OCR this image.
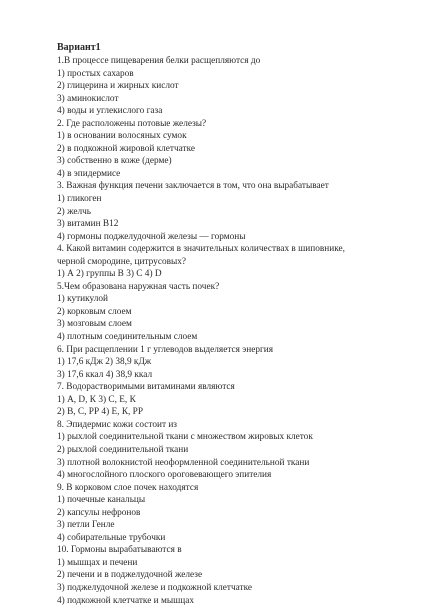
Вариант1
1.В процессе пищеварения белки расщепляются до
1) простых сахаров
2) глицерина и жирных кислот
3) аминокислот
4) воды и углекислого газа
2. Где расположены потовые железы?
1) в основании волосяных сумок
2) в подкожной жировой клетчатке
3) собственно в коже (дерме)
4) в эпидермисе
3. Важная функция печени заключается в том, что она вырабатывает
1) гликоген
2) желчь
3) витамин В12
4) гормоны поджелудочной железы — гормоны
4. Какой витамин содержится в значительных количествах в шиповнике,
черной смородине, цитрусовых?
1) А 2) группы В 3) С 4) D
5.Чем образована наружная часть почек?
1) кутикулой
2) корковым слоем
3) мозговым слоем
4) плотным соединительным слоем
6. При расщеплении 1 г углеводов выделяется энергия
1) 17,6 кДж 2) 38,9 кДж
3) 17,6 ккал 4) 38,9 ккал
7. Водорастворимыми витаминами являются
1) А, D, К 3) С, Е, К
2) В, С, РР 4) Е, К, РР
8. Эпидермис кожи состоит из
1) рыхлой соединительной ткани с множеством жировых клеток
2) рыхлой соединительной ткани
3) плотной волокнистой неоформленной соединительной ткани
4) многослойного плоского ороговевающего эпителия
9. В корковом слое почек находятся
1) почечные канальцы
2) капсулы нефронов
3) петли Генле
4) собирательные трубочки
10. Гормоны вырабатываются в
1) мышцах и печени
2) печени и в поджелудочной железе
3) поджелудочной железе и подкожной клетчатке
4) подкожной клетчатке и мышцах
